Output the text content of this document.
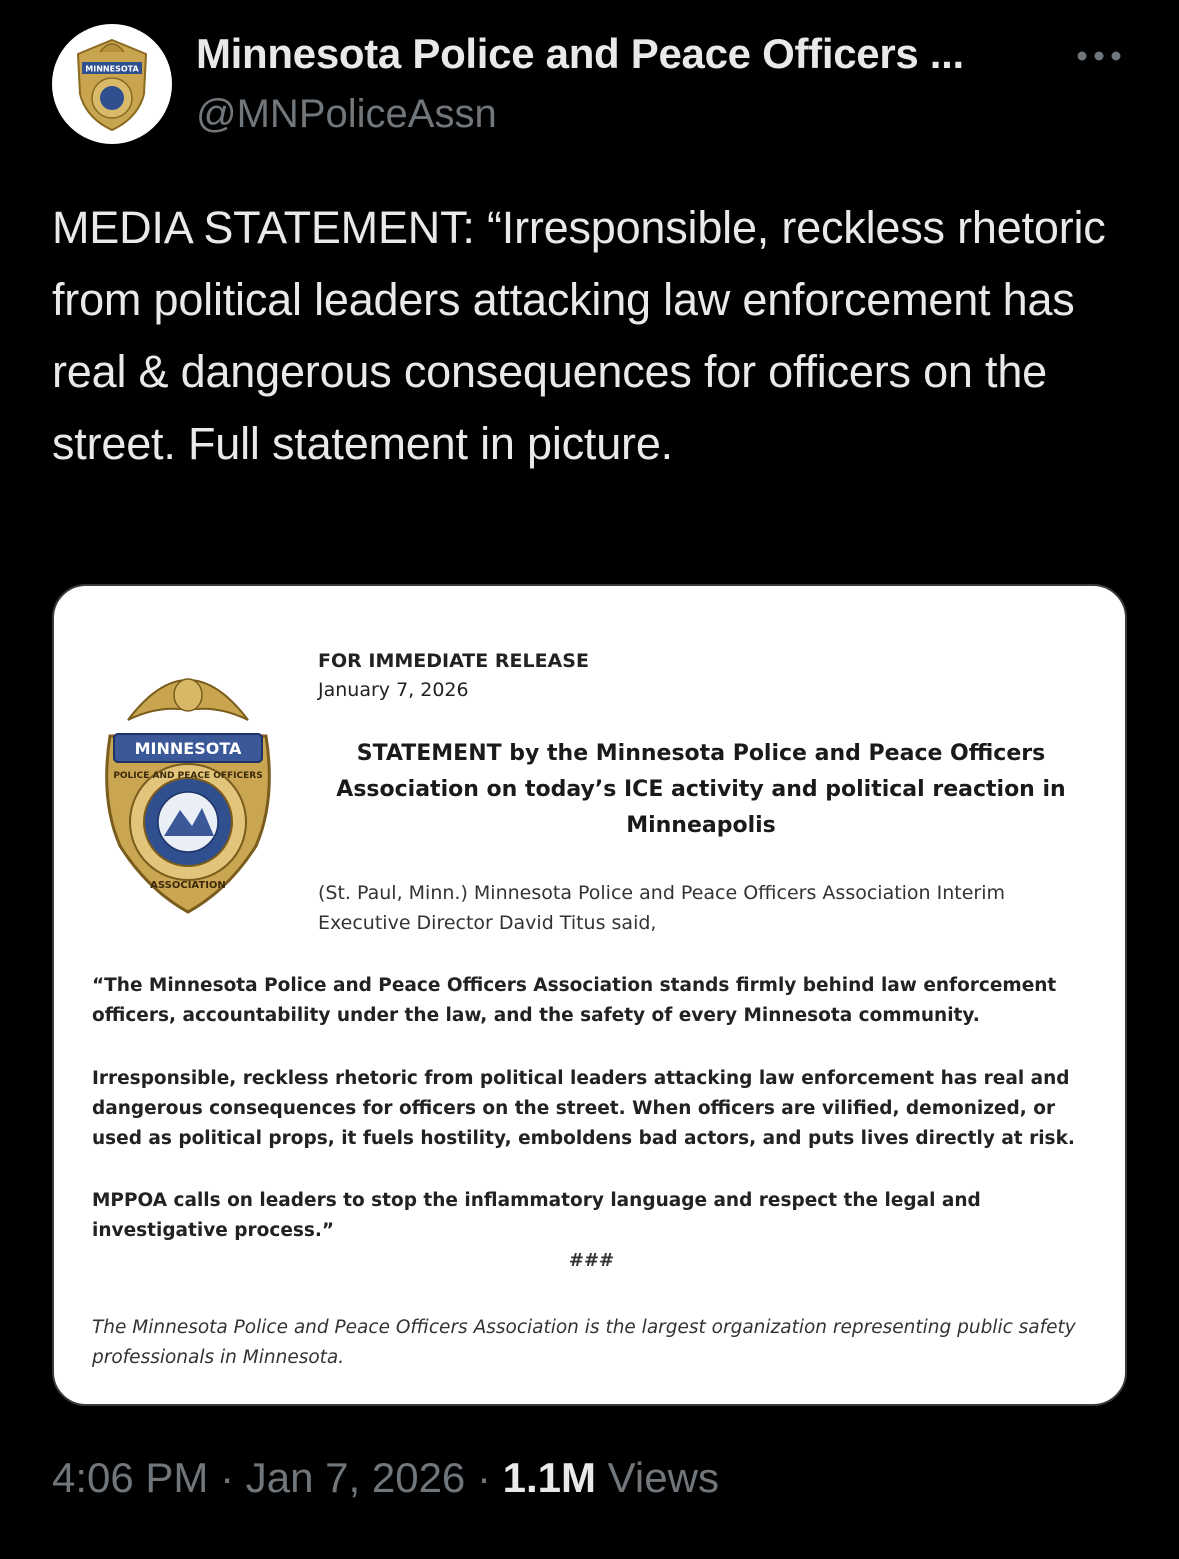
MINNESOTA Minnesota Police and Peace Officers ...
@MNPoliceAssn
MEDIA STATEMENT: “Irresponsible, reckless rhetoric from political leaders attacking law enforcement has real & dangerous consequences for officers on the street. Full statement in picture.
MINNESOTA
POLICE AND PEACE OFFICERS
ASSOCIATION
FOR IMMEDIATE RELEASE
January 7, 2026
STATEMENT by the Minnesota Police and Peace Officers Association on today’s ICE activity and political reaction in Minneapolis
(St. Paul, Minn.) Minnesota Police and Peace Officers Association Interim Executive Director David Titus said,
“The Minnesota Police and Peace Officers Association stands firmly behind law enforcement officers, accountability under the law, and the safety of every Minnesota community.
Irresponsible, reckless rhetoric from political leaders attacking law enforcement has real and dangerous consequences for officers on the street. When officers are vilified, demonized, or used as political props, it fuels hostility, emboldens bad actors, and puts lives directly at risk.
MPPOA calls on leaders to stop the inflammatory language and respect the legal and investigative process.”
###
The Minnesota Police and Peace Officers Association is the largest organization representing public safety professionals in Minnesota.
4:06 PM · Jan 7, 2026 · 1.1M Views
